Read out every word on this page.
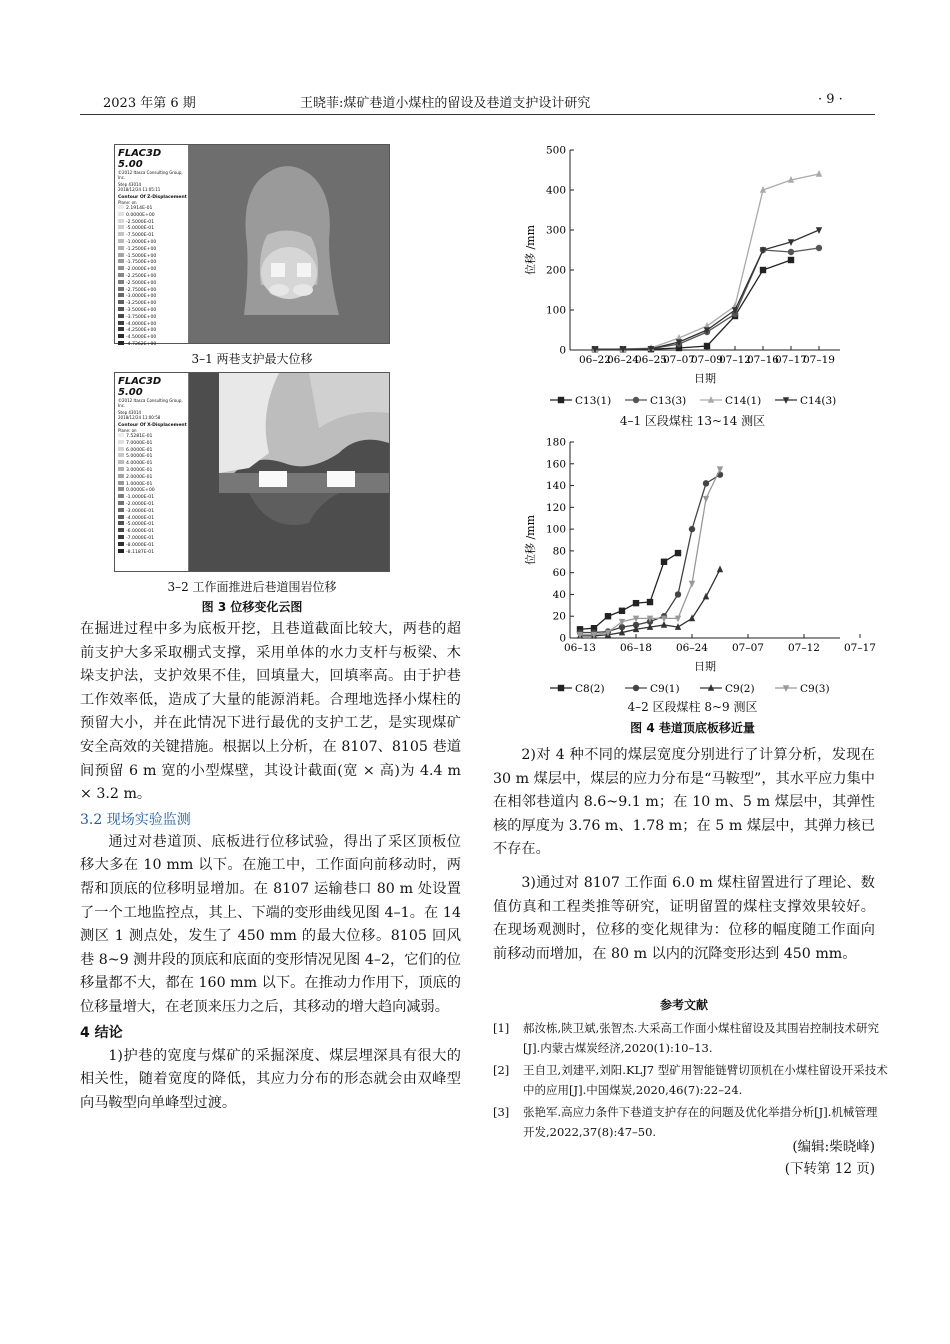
2023 年第 6 期	王晓菲:煤矿巷道小煤柱的留设及巷道支护设计研究	· 9 ·
FLAC3D 5.00
©2012 Itasca Consulting Group, Inc.
Step 43014
2018/12/24 11:05:11
Contour Of Z-Displacement
Plane: on
2.1914E-01
0.0000E+00
-2.5000E-01
-5.0000E-01
-7.5000E-01
-1.0000E+00
-1.2500E+00
-1.5000E+00
-1.7500E+00
-2.0000E+00
-2.2500E+00
-2.5000E+00
-2.7500E+00
-3.0000E+00
-3.2500E+00
-3.5000E+00
-3.7500E+00
-4.0000E+00
-4.2500E+00
-4.5000E+00
-4.7262E+00
3–1 两巷支护最大位移
FLAC3D 5.00
©2012 Itasca Consulting Group, Inc.
Step 43014
2018/12/24 11:00:58
Contour Of X-Displacement
Plane: on
7.5281E-01
7.0000E-01
6.0000E-01
5.0000E-01
4.0000E-01
3.0000E-01
2.0000E-01
1.0000E-01
0.0000E+00
-1.0000E-01
-2.0000E-01
-3.0000E-01
-4.0000E-01
-5.0000E-01
-6.0000E-01
-7.0000E-01
-8.0000E-01
-8.1187E-01
3–2 工作面推进后巷道围岩位移
图 3 位移变化云图

在掘进过程中多为底板开挖，且巷道截面比较大，两巷的超前支护大多采取棚式支撑，采用单体的水力支杆与板梁、木垛支护法，支护效果不佳，回填量大，回填率高。由于护巷工作效率低，造成了大量的能源消耗。合理地选择小煤柱的预留大小，并在此情况下进行最优的支护工艺，是实现煤矿安全高效的关键措施。根据以上分析，在 8107、8105 巷道间预留 6 m 宽的小型煤壁，其设计截面(宽 × 高)为 4.4 m × 3.2 m。

3.2 现场实验监测

通过对巷道顶、底板进行位移试验，得出了采区顶板位移大多在 10 mm 以下。在施工中，工作面向前移动时，两帮和顶底的位移明显增加。在 8107 运输巷口 80 m 处设置了一个工地监控点，其上、下端的变形曲线见图 4–1。在 14 测区 1 测点处，发生了 450 mm 的最大位移。8105 回风巷 8~9 测井段的顶底和底面的变形情况见图 4–2，它们的位移量都不大，都在 160 mm 以下。在推动力作用下，顶底的位移量增大，在老顶来压力之后，其移动的增大趋向减弱。

4 结论

1)护巷的宽度与煤矿的采掘深度、煤层埋深具有很大的相关性，随着宽度的降低，其应力分布的形态就会由双峰型向马鞍型向单峰型过渡。

0
100
200
300
400
500
06–22
06–24
06–25
07–07
07–09
07–12
07–16
07–17
07–19
位移 /mm
日期
C13(1)	C13(3)	C14(1)	C14(3)
4–1 区段煤柱 13~14 测区
0
20
40
60
80
100
120
140
160
180
06–13 06–18 06–24 07–07 07–12 07–17
位移 /mm
日期
C8(2)	C9(1)	C9(2)	C9(3)
4–2 区段煤柱 8~9 测区
图 4 巷道顶底板移近量

2)对 4 种不同的煤层宽度分别进行了计算分析，发现在 30 m 煤层中，煤层的应力分布是“马鞍型”，其水平应力集中在相邻巷道内 8.6~9.1 m；在 10 m、5 m 煤层中，其弹性核的厚度为 3.76 m、1.78 m；在 5 m 煤层中，其弹力核已不存在。

3)通过对 8107 工作面 6.0 m 煤柱留置进行了理论、数值仿真和工程类推等研究，证明留置的煤柱支撑效果较好。在现场观测时，位移的变化规律为：位移的幅度随工作面向前移动而增加，在 80 m 以内的沉降变形达到 450 mm。

参考文献
[1] 郝汝栋,陕卫斌,张智杰.大采高工作面小煤柱留设及其围岩控制技术研究[J].内蒙古煤炭经济,2020(1):10–13.
[2] 王自卫,刘建平,刘阳.KLJ7 型矿用智能链臂切顶机在小煤柱留设开采技术中的应用[J].中国煤炭,2020,46(7):22–24.
[3] 张艳军.高应力条件下巷道支护存在的问题及优化举措分析[J].机械管理开发,2022,37(8):47–50.
(编辑:柴晓峰)
(下转第 12 页)
